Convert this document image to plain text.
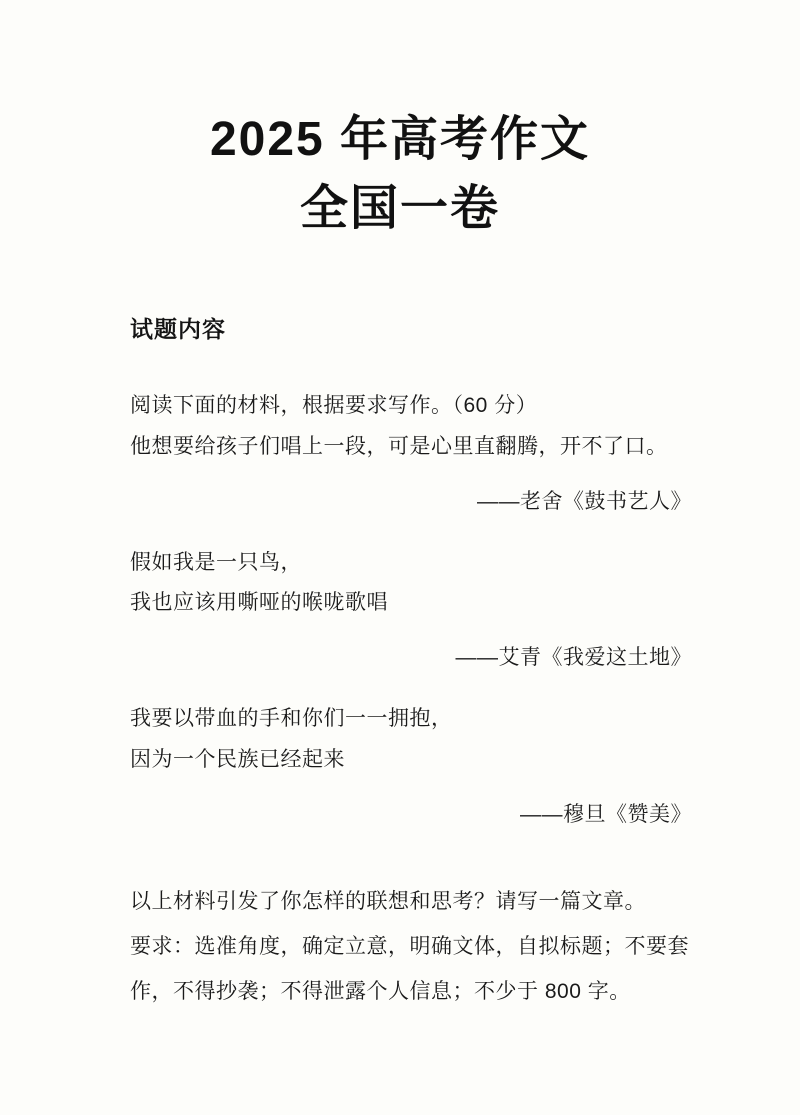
2025 年高考作文
全国一卷
试题内容
阅读下面的材料，根据要求写作。（60 分）
他想要给孩子们唱上一段，可是心里直翻腾，开不了口。
——老舍《鼓书艺人》
假如我是一只鸟，
我也应该用嘶哑的喉咙歌唱
——艾青《我爱这土地》
我要以带血的手和你们一一拥抱，
因为一个民族已经起来
——穆旦《赞美》
以上材料引发了你怎样的联想和思考？请写一篇文章。
要求：选准角度，确定立意，明确文体，自拟标题；不要套
作，不得抄袭；不得泄露个人信息；不少于 800 字。
